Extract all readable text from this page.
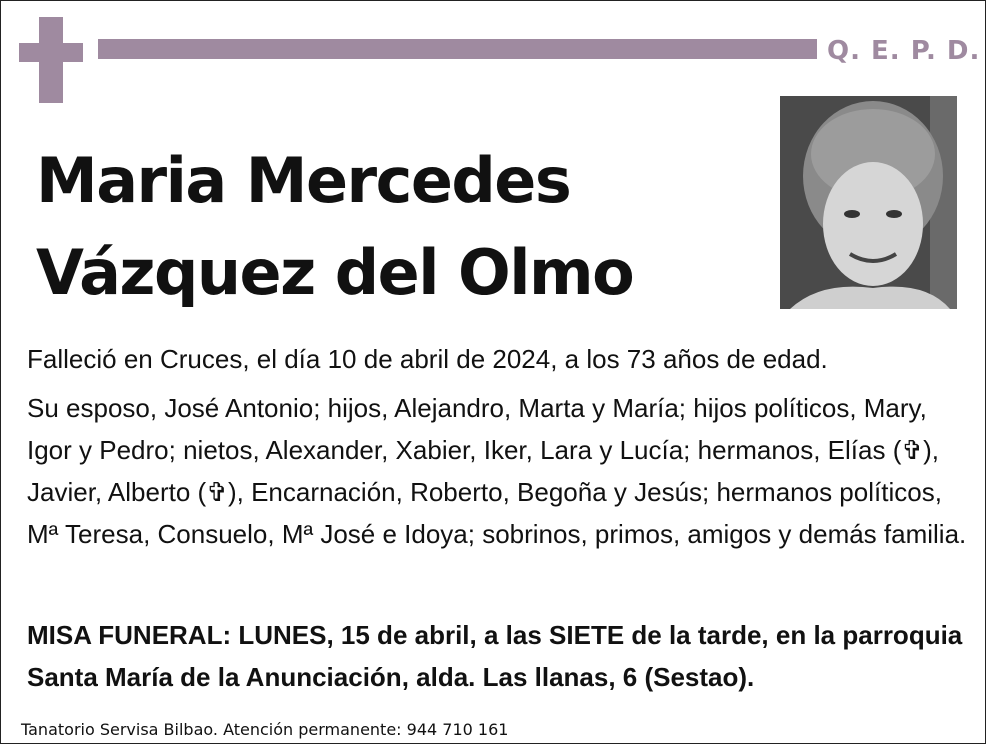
Q. E. P. D.
Maria Mercedes
Vázquez del Olmo
Falleció en Cruces, el día 10 de abril de 2024, a los 73 años de edad.
Su esposo, José Antonio; hijos, Alejandro, Marta y María; hijos políticos, Mary, Igor y Pedro; nietos, Alexander, Xabier, Iker, Lara y Lucía; hermanos, Elías (✞), Javier, Alberto (✞), Encarnación, Roberto, Begoña y Jesús; hermanos políticos, Mª Teresa, Consuelo, Mª José e Idoya; sobrinos, primos, amigos y demás familia.
MISA FUNERAL: LUNES, 15 de abril, a las SIETE de la tarde, en la parroquia Santa María de la Anunciación, alda. Las llanas, 6 (Sestao).
Tanatorio Servisa Bilbao. Atención permanente: 944 710 161
